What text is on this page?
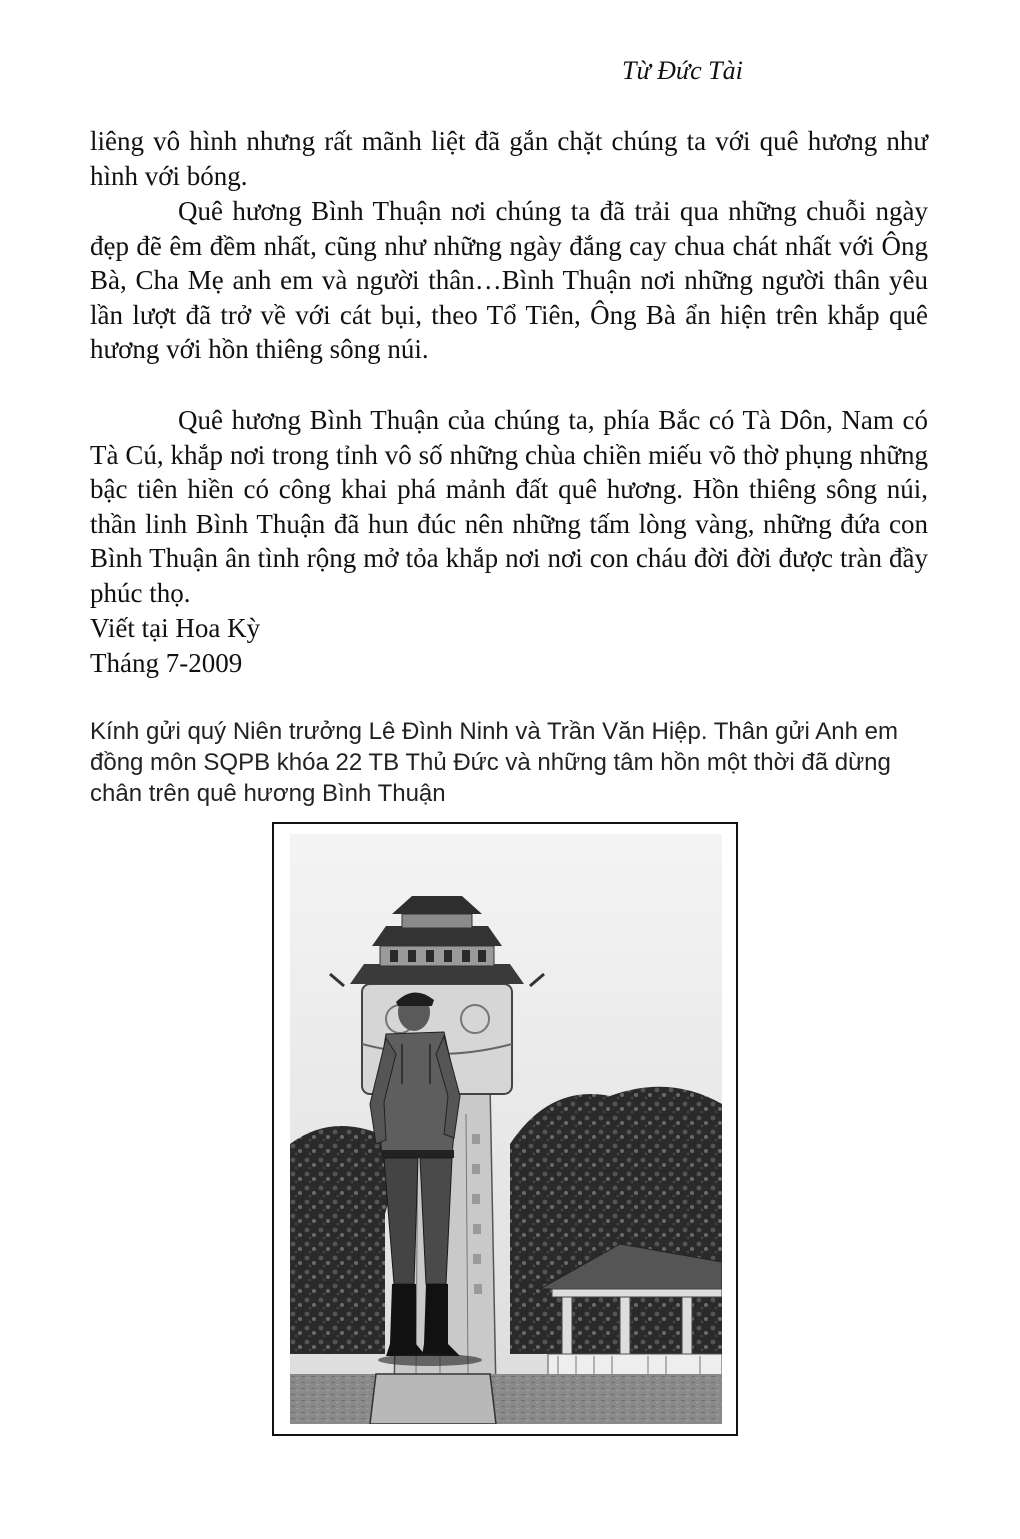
Từ Đức Tài

liêng vô hình nhưng rất mãnh liệt đã gắn chặt chúng ta với quê hương như hình với bóng.

Quê hương Bình Thuận nơi chúng ta đã trải qua những chuỗi ngày đẹp đẽ êm đềm nhất, cũng như những ngày đắng cay chua chát nhất với Ông Bà, Cha Mẹ anh em và người thân…Bình Thuận nơi những người thân yêu lần lượt đã trở về với cát bụi, theo Tổ Tiên, Ông Bà ẩn hiện trên khắp quê hương với hồn thiêng sông núi.

Quê hương Bình Thuận của chúng ta, phía Bắc có Tà Dôn, Nam có Tà Cú, khắp nơi trong tỉnh vô số những chùa chiền miếu võ thờ phụng những bậc tiên hiền có công khai phá mảnh đất quê hương. Hồn thiêng sông núi, thần linh Bình Thuận đã hun đúc nên những tấm lòng vàng, những đứa con Bình Thuận ân tình rộng mở tỏa khắp nơi nơi con cháu đời đời được tràn đầy phúc thọ.

Viết tại Hoa Kỳ
Tháng 7-2009

Kính gửi quý Niên trưởng Lê Đình Ninh và Trần Văn Hiệp. Thân gửi Anh em đồng môn SQPB khóa 22 TB Thủ Đức và những tâm hồn một thời đã dừng chân trên quê hương Bình Thuận
